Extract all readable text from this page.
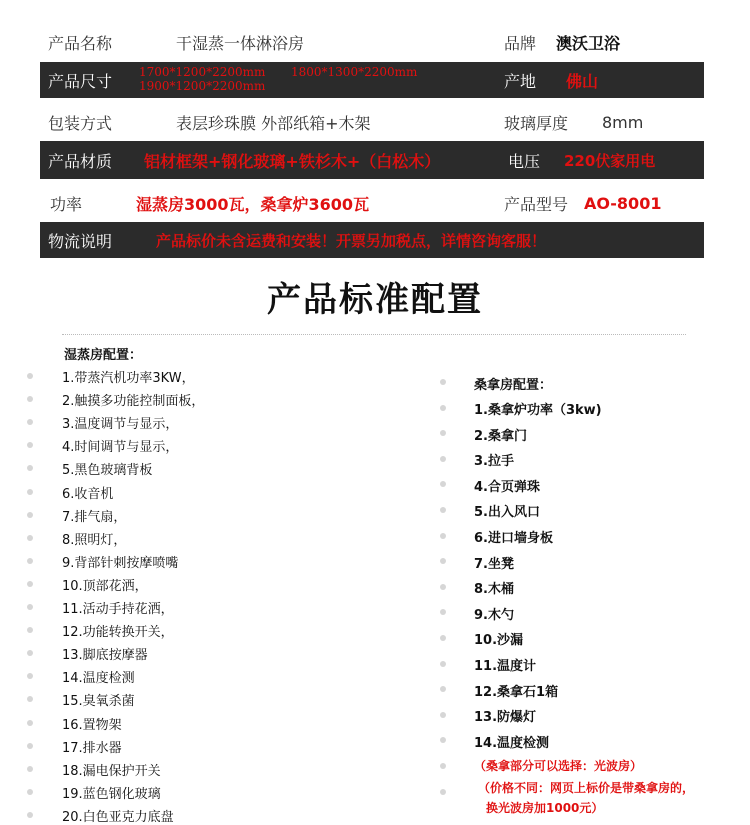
产品名称	干湿蒸一体淋浴房	品牌 澳沃卫浴
产品尺寸 1700*1200*2200mm 1800*1300*2200mm
1900*1200*2200mm	产地 佛山
包装方式	表层珍珠膜 外部纸箱+木架	玻璃厚度 8mm
产品材质 铝材框架+钢化玻璃+铁杉木+（白松木）	电压 220伏家用电
功率	湿蒸房3000瓦，桑拿炉3600瓦	产品型号 AO-8001
物流说明	产品标价未含运费和安装！开票另加税点，详情咨询客服！
产品标准配置
湿蒸房配置：
1.带蒸汽机功率3KW，
2.触摸多功能控制面板，
3.温度调节与显示，
4.时间调节与显示，
5.黑色玻璃背板
6.收音机
7.排气扇，
8.照明灯，
9.背部针刺按摩喷嘴
10.顶部花洒，
11.活动手持花洒，
12.功能转换开关，
13.脚底按摩器
14.温度检测
15.臭氧杀菌
16.置物架
17.排水器
18.漏电保护开关
19.蓝色钢化玻璃
20.白色亚克力底盘
桑拿房配置：
1.桑拿炉功率（3kw)
2.桑拿门
3.拉手
4.合页弹珠
5.出入风口
6.进口墙身板
7.坐凳
8.木桶
9.木勺
10.沙漏
11.温度计
12.桑拿石1箱
13.防爆灯
14.温度检测
（桑拿部分可以选择：光波房）
（价格不同：网页上标价是带桑拿房的，
换光波房加1000元）
